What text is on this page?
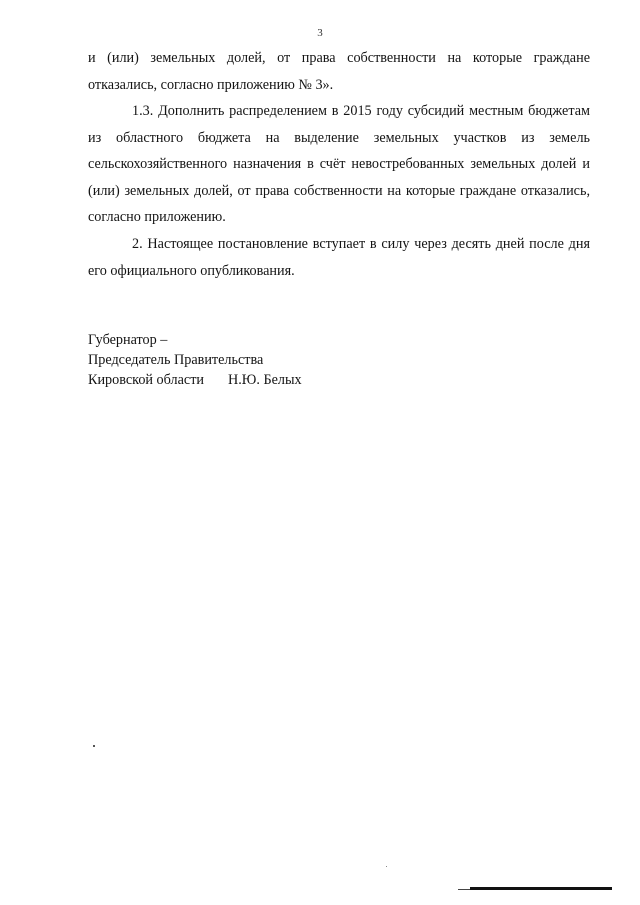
3

и (или) земельных долей, от права собственности на которые граждане отказались, согласно приложению № 3».

1.3. Дополнить распределением в 2015 году субсидий местным бюджетам из областного бюджета на выделение земельных участков из земель сельскохозяйственного назначения в счёт невостребованных земельных долей и (или) земельных долей, от права собственности на которые граждане отказались, согласно приложению.

2. Настоящее постановление вступает в силу через десять дней после дня его официального опубликования.

Губернатор –
Председатель Правительства
Кировской области Н.Ю. Белых
